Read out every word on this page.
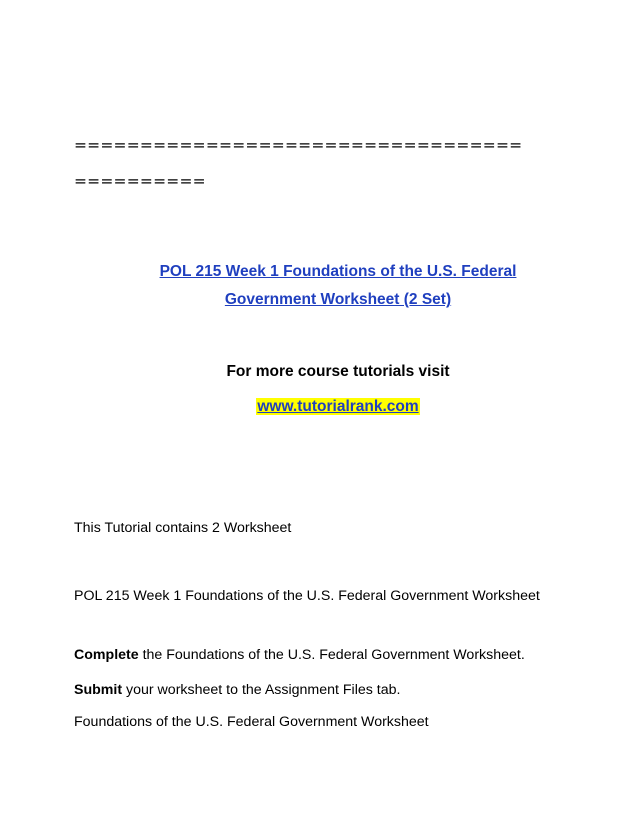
==================================

==========

POL 215 Week 1 Foundations of the U.S. Federal

Government Worksheet (2 Set)

For more course tutorials visit

www.tutorialrank.com

This Tutorial contains 2 Worksheet

POL 215 Week 1 Foundations of the U.S. Federal Government Worksheet

Complete the Foundations of the U.S. Federal Government Worksheet.

Submit your worksheet to the Assignment Files tab.

Foundations of the U.S. Federal Government Worksheet
